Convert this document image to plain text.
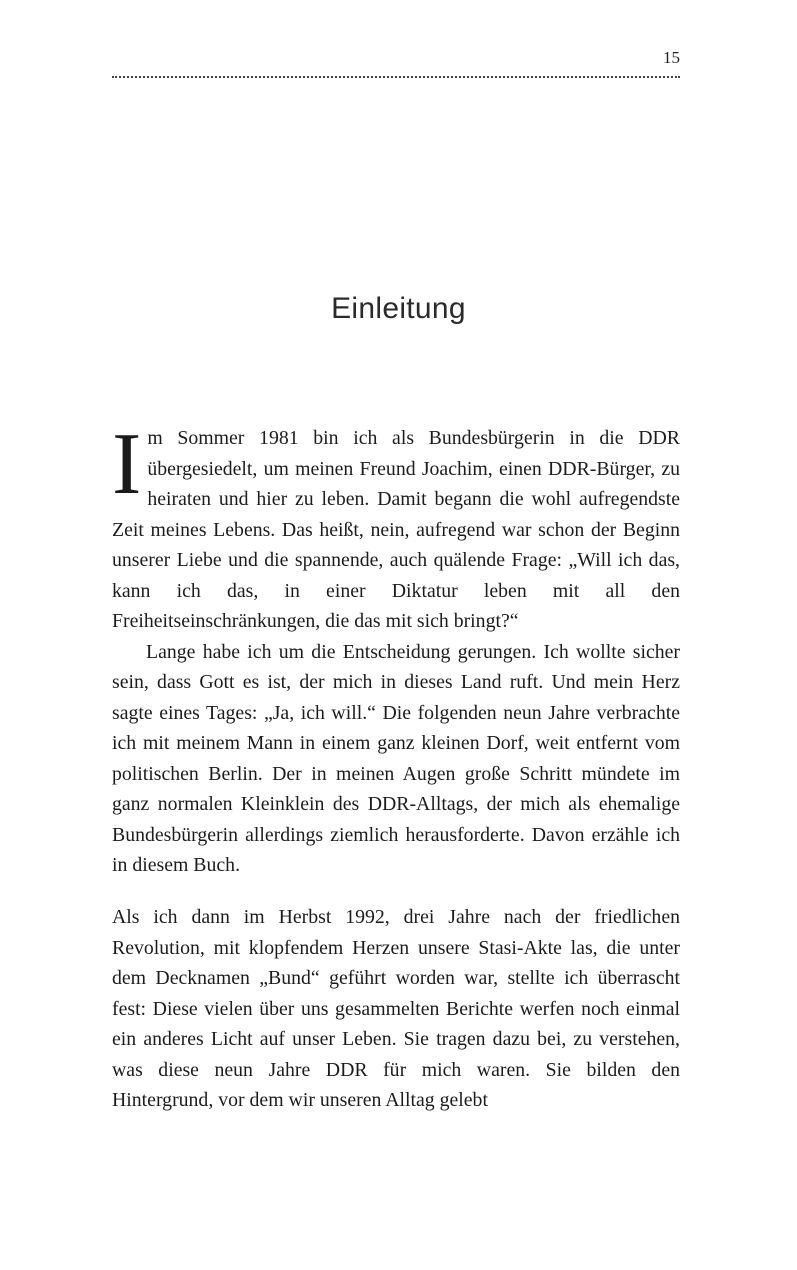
15
Einleitung

Im Sommer 1981 bin ich als Bundesbürgerin in die DDR übergesiedelt, um meinen Freund Joachim, einen DDR-Bürger, zu heiraten und hier zu leben. Damit begann die wohl aufregendste Zeit meines Lebens. Das heißt, nein, aufregend war schon der Beginn unserer Liebe und die spannende, auch quälende Frage: „Will ich das, kann ich das, in einer Diktatur leben mit all den Freiheitseinschränkungen, die das mit sich bringt?“

Lange habe ich um die Entscheidung gerungen. Ich wollte sicher sein, dass Gott es ist, der mich in dieses Land ruft. Und mein Herz sagte eines Tages: „Ja, ich will.“ Die folgenden neun Jahre verbrachte ich mit meinem Mann in einem ganz kleinen Dorf, weit entfernt vom politischen Berlin. Der in meinen Augen große Schritt mündete im ganz normalen Kleinklein des DDR-Alltags, der mich als ehemalige Bundesbürgerin allerdings ziemlich herausforderte. Davon erzähle ich in diesem Buch.

Als ich dann im Herbst 1992, drei Jahre nach der friedlichen Revolution, mit klopfendem Herzen unsere Stasi-Akte las, die unter dem Decknamen „Bund“ geführt worden war, stellte ich überrascht fest: Diese vielen über uns gesammelten Berichte werfen noch einmal ein anderes Licht auf unser Leben. Sie tragen dazu bei, zu verstehen, was diese neun Jahre DDR für mich waren. Sie bilden den Hintergrund, vor dem wir unseren Alltag gelebt
